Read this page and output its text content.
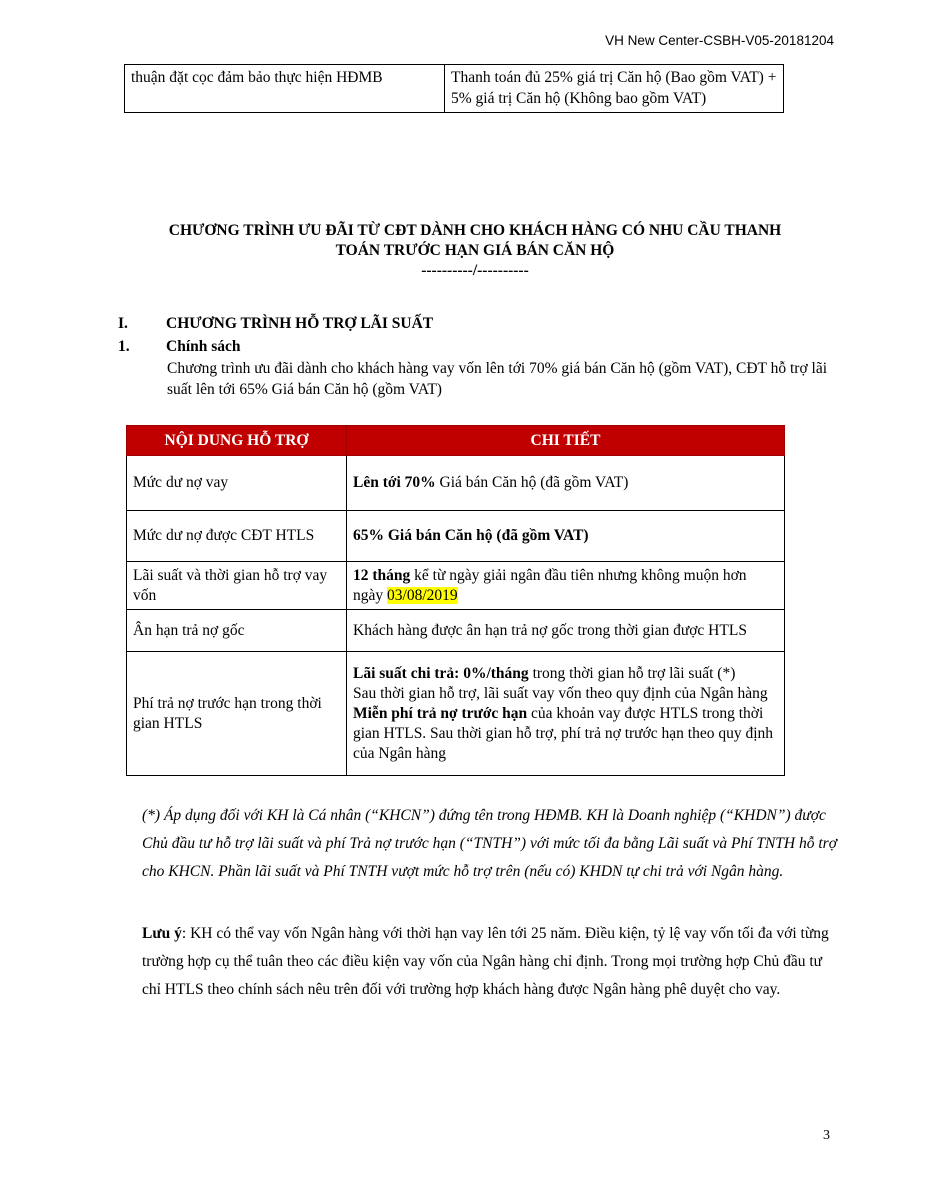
VH New Center-CSBH-V05-20181204
thuận đặt cọc đảm bảo thực hiện HĐMB	Thanh toán đủ 25% giá trị Căn hộ (Bao gồm VAT) + 5% giá trị Căn hộ (Không bao gồm VAT)
CHƯƠNG TRÌNH ƯU ĐÃI TỪ CĐT DÀNH CHO KHÁCH HÀNG CÓ NHU CẦU THANH
TOÁN TRƯỚC HẠN GIÁ BÁN CĂN HỘ
----------/----------
I. CHƯƠNG TRÌNH HỖ TRỢ LÃI SUẤT
1. Chính sách
Chương trình ưu đãi dành cho khách hàng vay vốn lên tới 70% giá bán Căn hộ (gồm VAT), CĐT hỗ trợ lãi suất lên tới 65% Giá bán Căn hộ (gồm VAT)
NỘI DUNG HỖ TRỢ	CHI TIẾT
Mức dư nợ vay	Lên tới 70% Giá bán Căn hộ (đã gồm VAT)
Mức dư nợ được CĐT HTLS	65% Giá bán Căn hộ (đã gồm VAT)
Lãi suất và thời gian hỗ trợ vay vốn	12 tháng kể từ ngày giải ngân đầu tiên nhưng không muộn hơn ngày 03/08/2019
Ân hạn trả nợ gốc	Khách hàng được ân hạn trả nợ gốc trong thời gian được HTLS
Phí trả nợ trước hạn trong thời gian HTLS	Lãi suất chi trả: 0%/tháng trong thời gian hỗ trợ lãi suất (*)
Sau thời gian hỗ trợ, lãi suất vay vốn theo quy định của Ngân hàng
Miễn phí trả nợ trước hạn của khoản vay được HTLS trong thời gian HTLS. Sau thời gian hỗ trợ, phí trả nợ trước hạn theo quy định của Ngân hàng
(*) Áp dụng đối với KH là Cá nhân (“KHCN”) đứng tên trong HĐMB. KH là Doanh nghiệp (“KHDN”) được Chủ đầu tư hỗ trợ lãi suất và phí Trả nợ trước hạn (“TNTH”) với mức tối đa bằng Lãi suất và Phí TNTH hỗ trợ cho KHCN. Phần lãi suất và Phí TNTH vượt mức hỗ trợ trên (nếu có) KHDN tự chi trả với Ngân hàng.
Lưu ý: KH có thể vay vốn Ngân hàng với thời hạn vay lên tới 25 năm. Điều kiện, tỷ lệ vay vốn tối đa với từng trường hợp cụ thể tuân theo các điều kiện vay vốn của Ngân hàng chỉ định. Trong mọi trường hợp Chủ đầu tư chỉ HTLS theo chính sách nêu trên đối với trường hợp khách hàng được Ngân hàng phê duyệt cho vay.
3
